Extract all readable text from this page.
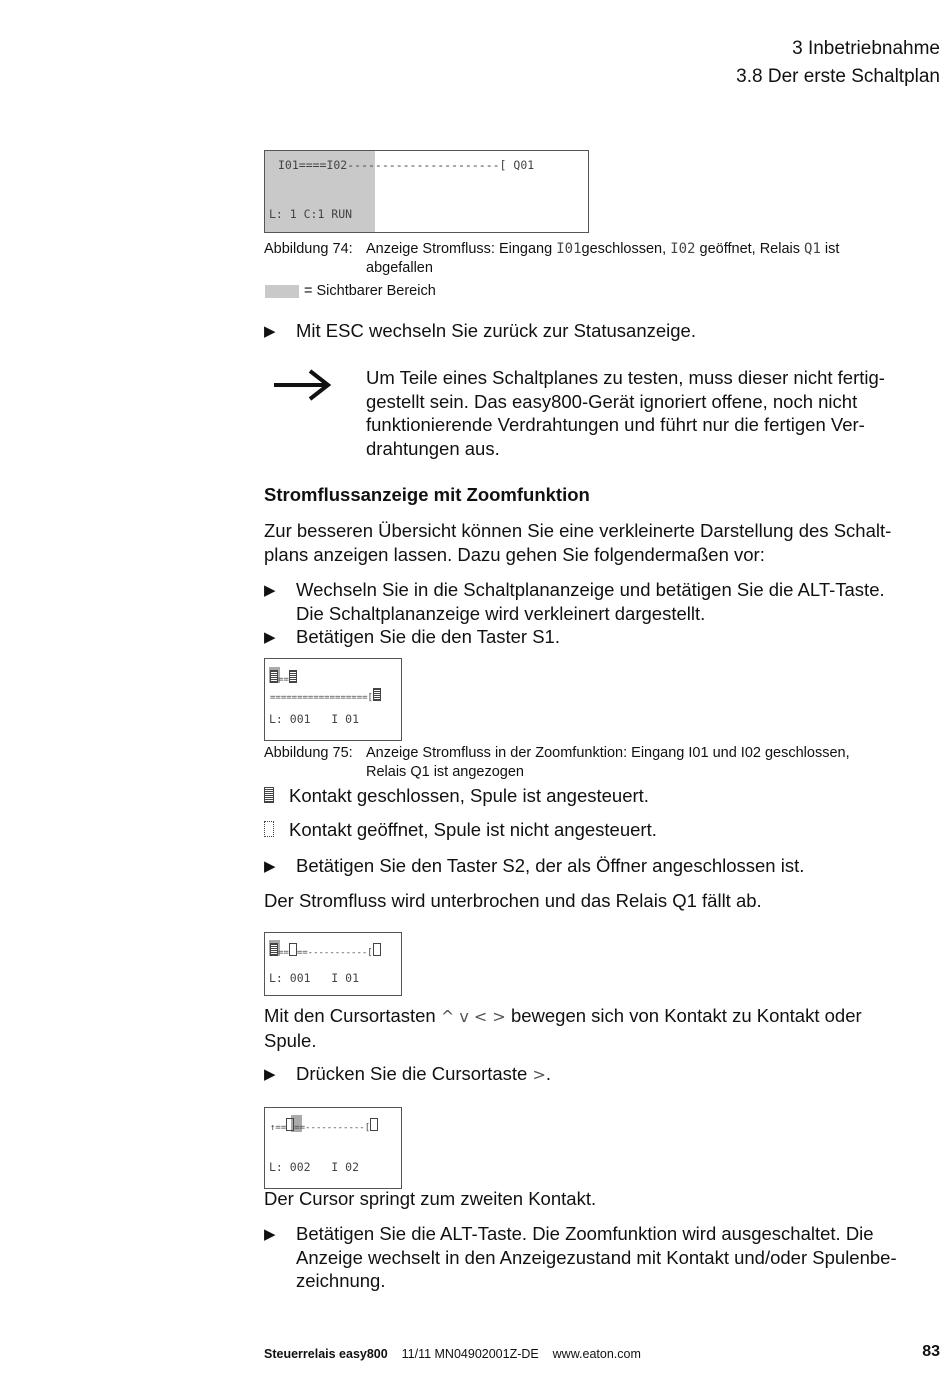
3 Inbetriebnahme
3.8 Der erste Schaltplan
I01====I02----------------------[ Q01
L: 1 C:1 RUN
Abbildung 74: Anzeige Stromfluss: Eingang I01geschlossen, I02 geöffnet, Relais Q1 ist
abgefallen
= Sichtbarer Bereich
▶ Mit ESC wechseln Sie zurück zur Statusanzeige.
Um Teile eines Schaltplanes zu testen, muss dieser nicht fertig-
gestellt sein. Das easy800-Gerät ignoriert offene, noch nicht
funktionierende Verdrahtungen und führt nur die fertigen Ver-
drahtungen aus.
Stromflussanzeige mit Zoomfunktion
Zur besseren Übersicht können Sie eine verkleinerte Darstellung des Schalt-
plans anzeigen lassen. Dazu gehen Sie folgendermaßen vor:
▶ Wechseln Sie in die Schaltplananzeige und betätigen Sie die ALT-Taste.
Die Schaltplananzeige wird verkleinert dargestellt.
▶ Betätigen Sie die den Taster S1.
====================[
L: 001   I 01
Abbildung 75: Anzeige Stromfluss in der Zoomfunktion: Eingang I01 und I02 geschlossen,
Relais Q1 ist angezogen
Kontakt geschlossen, Spule ist angesteuert.
Kontakt geöffnet, Spule ist nicht angesteuert.
▶ Betätigen Sie den Taster S2, der als Öffner angeschlossen ist.
Der Stromfluss wird unterbrochen und das Relais Q1 fällt ab.
== ==-----------[
L: 001   I 01
Mit den Cursortasten ^ v < > bewegen sich von Kontakt zu Kontakt oder
Spule.
▶ Drücken Sie die Cursortaste >.
↑== ==-----------[
L: 002   I 02
Der Cursor springt zum zweiten Kontakt.
▶ Betätigen Sie die ALT-Taste. Die Zoomfunktion wird ausgeschaltet. Die
Anzeige wechselt in den Anzeigezustand mit Kontakt und/oder Spulenbe-
zeichnung.
Steuerrelais easy800 11/11 MN04902001Z-DE www.eaton.com	83
